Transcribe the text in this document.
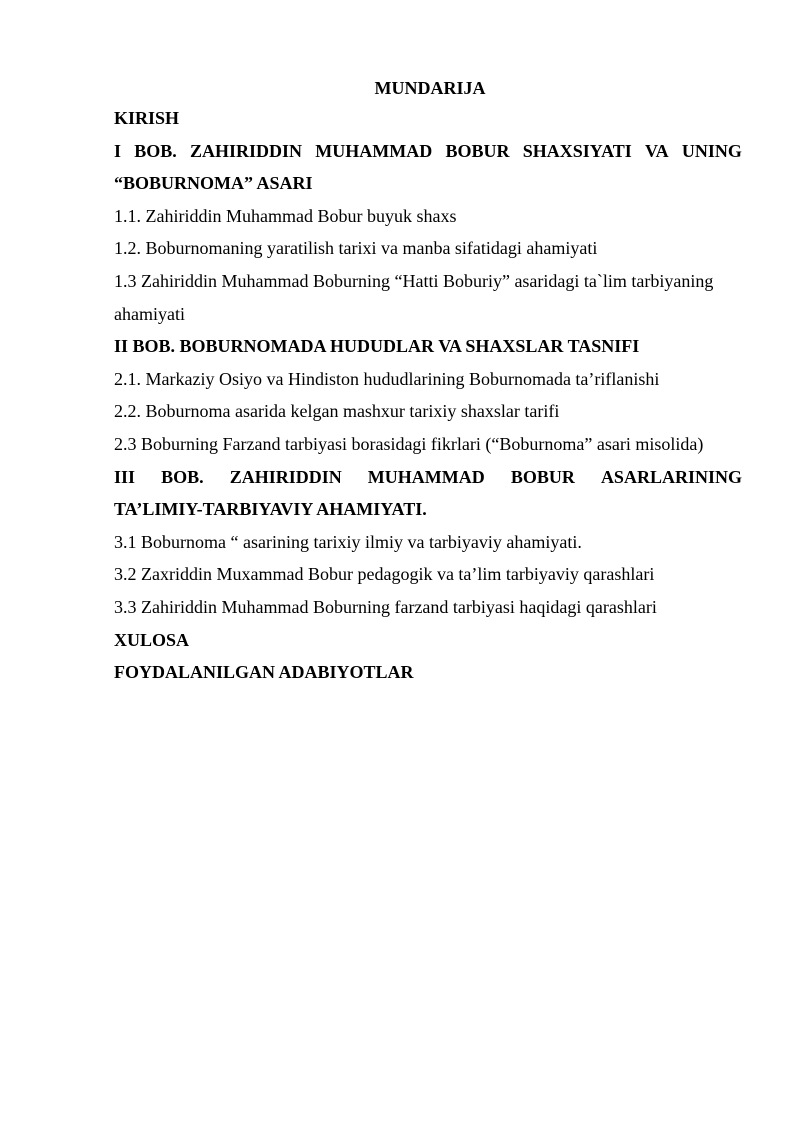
MUNDARIJA
KIRISH
I BOB. ZAHIRIDDIN MUHAMMAD BOBUR SHAXSIYATI VA UNING
“BOBURNOMA” ASARI
1.1. Zahiriddin Muhammad Bobur buyuk shaxs
1.2. Boburnomaning yaratilish tarixi va manba sifatidagi ahamiyati
1.3 Zahiriddin Muhammad Boburning “Hatti Boburiy” asaridagi ta`lim tarbiyaning
ahamiyati
II BOB. BOBURNOMADA HUDUDLAR VA SHAXSLAR TASNIFI
2.1. Markaziy Osiyo va Hindiston hududlarining Boburnomada ta’riflanishi
2.2. Boburnoma asarida kelgan mashxur tarixiy shaxslar tarifi
2.3 Boburning Farzand tarbiyasi borasidagi fikrlari (“Boburnoma” asari misolida)
III BOB. ZAHIRIDDIN MUHAMMAD BOBUR ASARLARINING
TA’LIMIY-TARBIYAVIY AHAMIYATI.
3.1 Boburnoma “ asarining tarixiy ilmiy va tarbiyaviy ahamiyati.
3.2 Zaxriddin Muxammad Bobur pedagogik va ta’lim tarbiyaviy qarashlari
3.3 Zahiriddin Muhammad Boburning farzand tarbiyasi haqidagi qarashlari
XULOSA
FOYDALANILGAN ADABIYOTLAR
